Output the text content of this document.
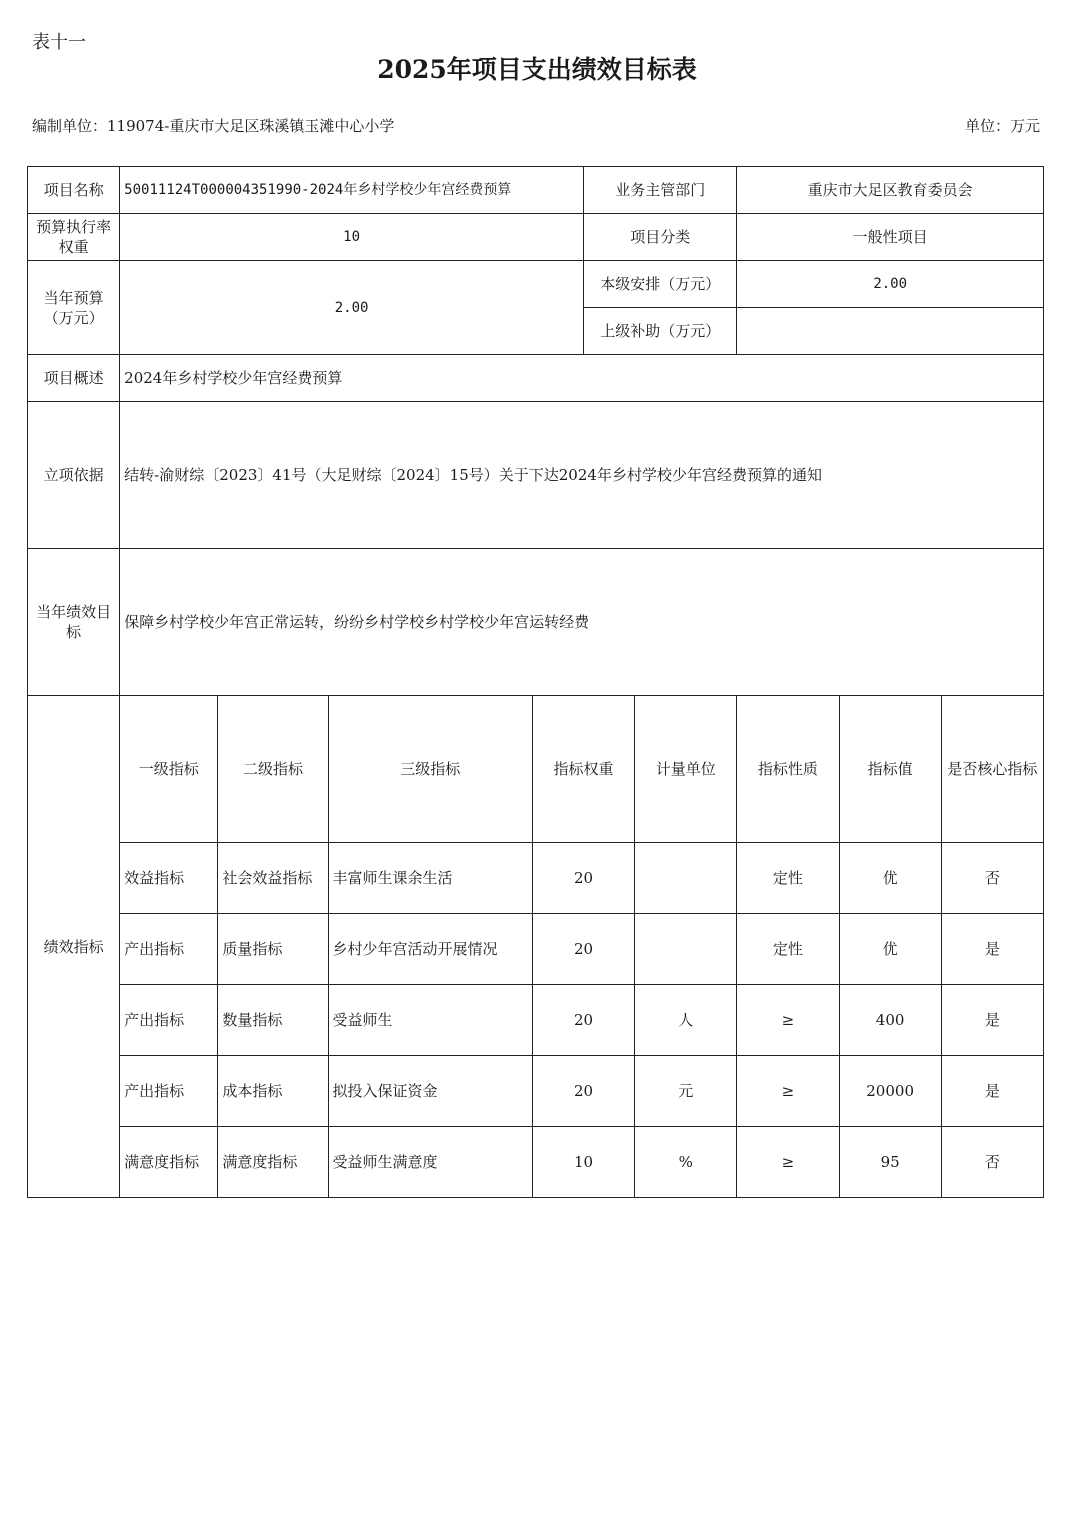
表十一
2025年项目支出绩效目标表
编制单位：119074-重庆市大足区珠溪镇玉滩中心小学	单位：万元
项目名称	50011124T000004351990-2024年乡村学校少年宫经费预算				业务主管部门		重庆市大足区教育委员会		
预算执行率权重	10				项目分类		一般性项目		
当年预算（万元）	2.00				本级安排（万元）		2.00		
					上级补助（万元）				
项目概述	2024年乡村学校少年宫经费预算								
立项依据	结转-渝财综〔2023〕41号（大足财综〔2024〕15号）关于下达2024年乡村学校少年宫经费预算的通知								
当年绩效目标	保障乡村学校少年宫正常运转，纷纷乡村学校乡村学校少年宫运转经费								
绩效指标	一级指标	二级指标	三级指标	指标权重		计量单位	指标性质	指标值	是否核心指标
	效益指标	社会效益指标	丰富师生课余生活	20			定性	优	否
	产出指标	质量指标	乡村少年宫活动开展情况	20			定性	优	是
	产出指标	数量指标	受益师生	20		人	≥	400	是
	产出指标	成本指标	拟投入保证资金	20		元	≥	20000	是
	满意度指标	满意度指标	受益师生满意度	10		%	≥	95	否
